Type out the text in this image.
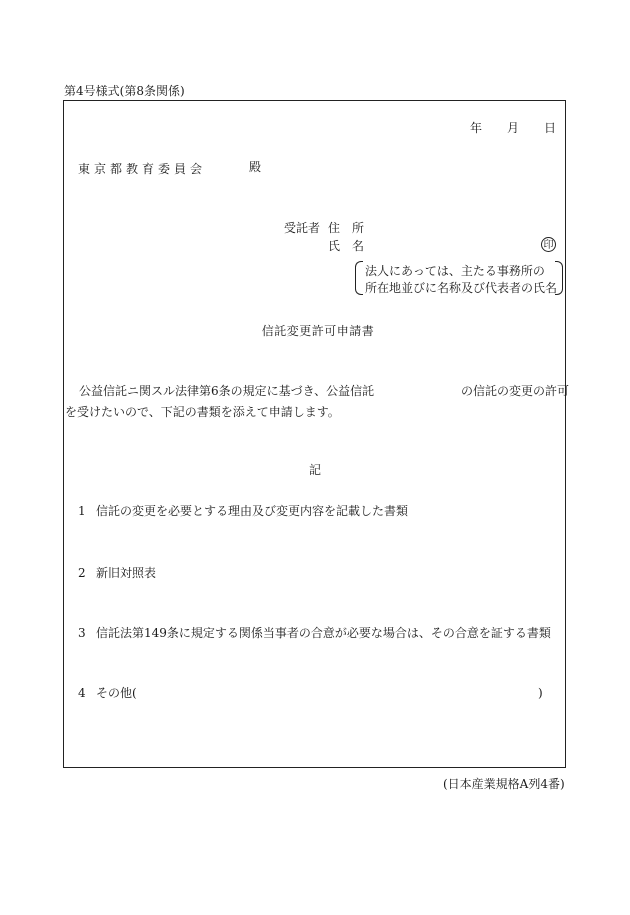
第4号様式(第8条関係)
年 月 日
東京都教育委員会	殿
受託者 住　所
氏　名	印
法人にあっては、主たる事務所の
所在地並びに名称及び代表者の氏名
信託変更許可申請書
公益信託ニ関スル法律第6条の規定に基づき、公益信託	の信託の変更の許可
を受けたいので、下記の書類を添えて申請します。
記
1 信託の変更を必要とする理由及び変更内容を記載した書類
2 新旧対照表
3 信託法第149条に規定する関係当事者の合意が必要な場合は、その合意を証する書類
4 その他(	)
(日本産業規格A列4番)
